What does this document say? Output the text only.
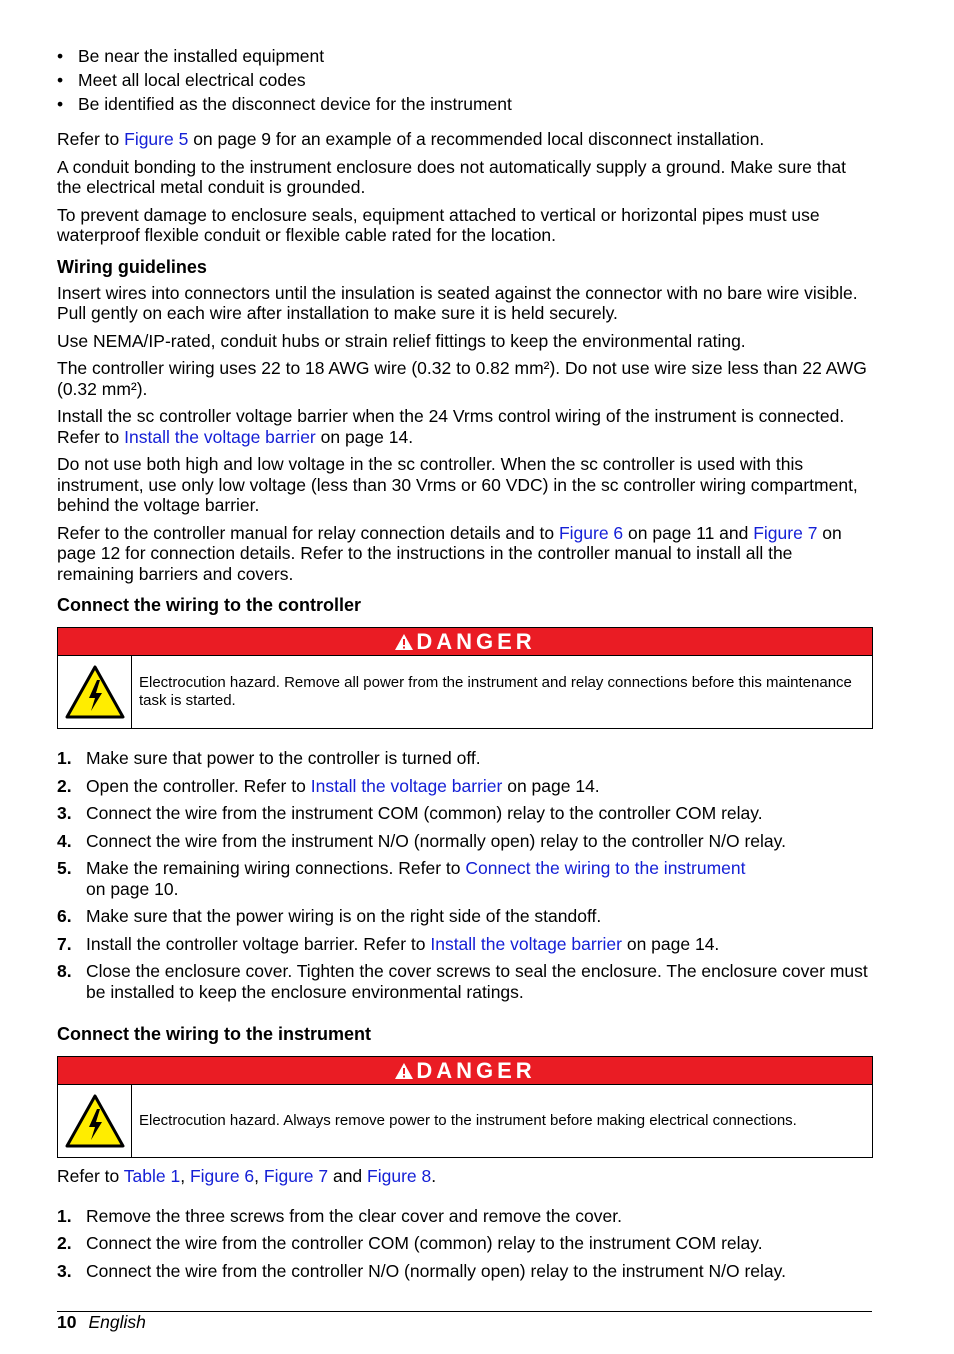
• Be near the installed equipment
• Meet all local electrical codes
• Be identified as the disconnect device for the instrument

Refer to Figure 5 on page 9 for an example of a recommended local disconnect installation.

A conduit bonding to the instrument enclosure does not automatically supply a ground. Make sure that the electrical metal conduit is grounded.

To prevent damage to enclosure seals, equipment attached to vertical or horizontal pipes must use waterproof flexible conduit or flexible cable rated for the location.

Wiring guidelines

Insert wires into connectors until the insulation is seated against the connector with no bare wire visible. Pull gently on each wire after installation to make sure it is held securely.

Use NEMA/IP-rated, conduit hubs or strain relief fittings to keep the environmental rating.

The controller wiring uses 22 to 18 AWG wire (0.32 to 0.82 mm²). Do not use wire size less than 22 AWG (0.32 mm²).

Install the sc controller voltage barrier when the 24 Vrms control wiring of the instrument is connected. Refer to Install the voltage barrier on page 14.

Do not use both high and low voltage in the sc controller. When the sc controller is used with this instrument, use only low voltage (less than 30 Vrms or 60 VDC) in the sc controller wiring compartment, behind the voltage barrier.

Refer to the controller manual for relay connection details and to Figure 6 on page 11 and Figure 7 on page 12 for connection details. Refer to the instructions in the controller manual to install all the remaining barriers and covers.

Connect the wiring to the controller
DANGER
Electrocution hazard. Remove all power from the instrument and relay connections before this maintenance task is started.
1. Make sure that power to the controller is turned off.
2. Open the controller. Refer to Install the voltage barrier on page 14.
3. Connect the wire from the instrument COM (common) relay to the controller COM relay.
4. Connect the wire from the instrument N/O (normally open) relay to the controller N/O relay.
5. Make the remaining wiring connections. Refer to Connect the wiring to the instrument
on page 10.
6. Make sure that the power wiring is on the right side of the standoff.
7. Install the controller voltage barrier. Refer to Install the voltage barrier on page 14.
8. Close the enclosure cover. Tighten the cover screws to seal the enclosure. The enclosure cover must be installed to keep the enclosure environmental ratings.
Connect the wiring to the instrument
DANGER
Electrocution hazard. Always remove power to the instrument before making electrical connections.

Refer to Table 1, Figure 6, Figure 7 and Figure 8.

1. Remove the three screws from the clear cover and remove the cover.
2. Connect the wire from the controller COM (common) relay to the instrument COM relay.
3. Connect the wire from the controller N/O (normally open) relay to the instrument N/O relay.
10 English
